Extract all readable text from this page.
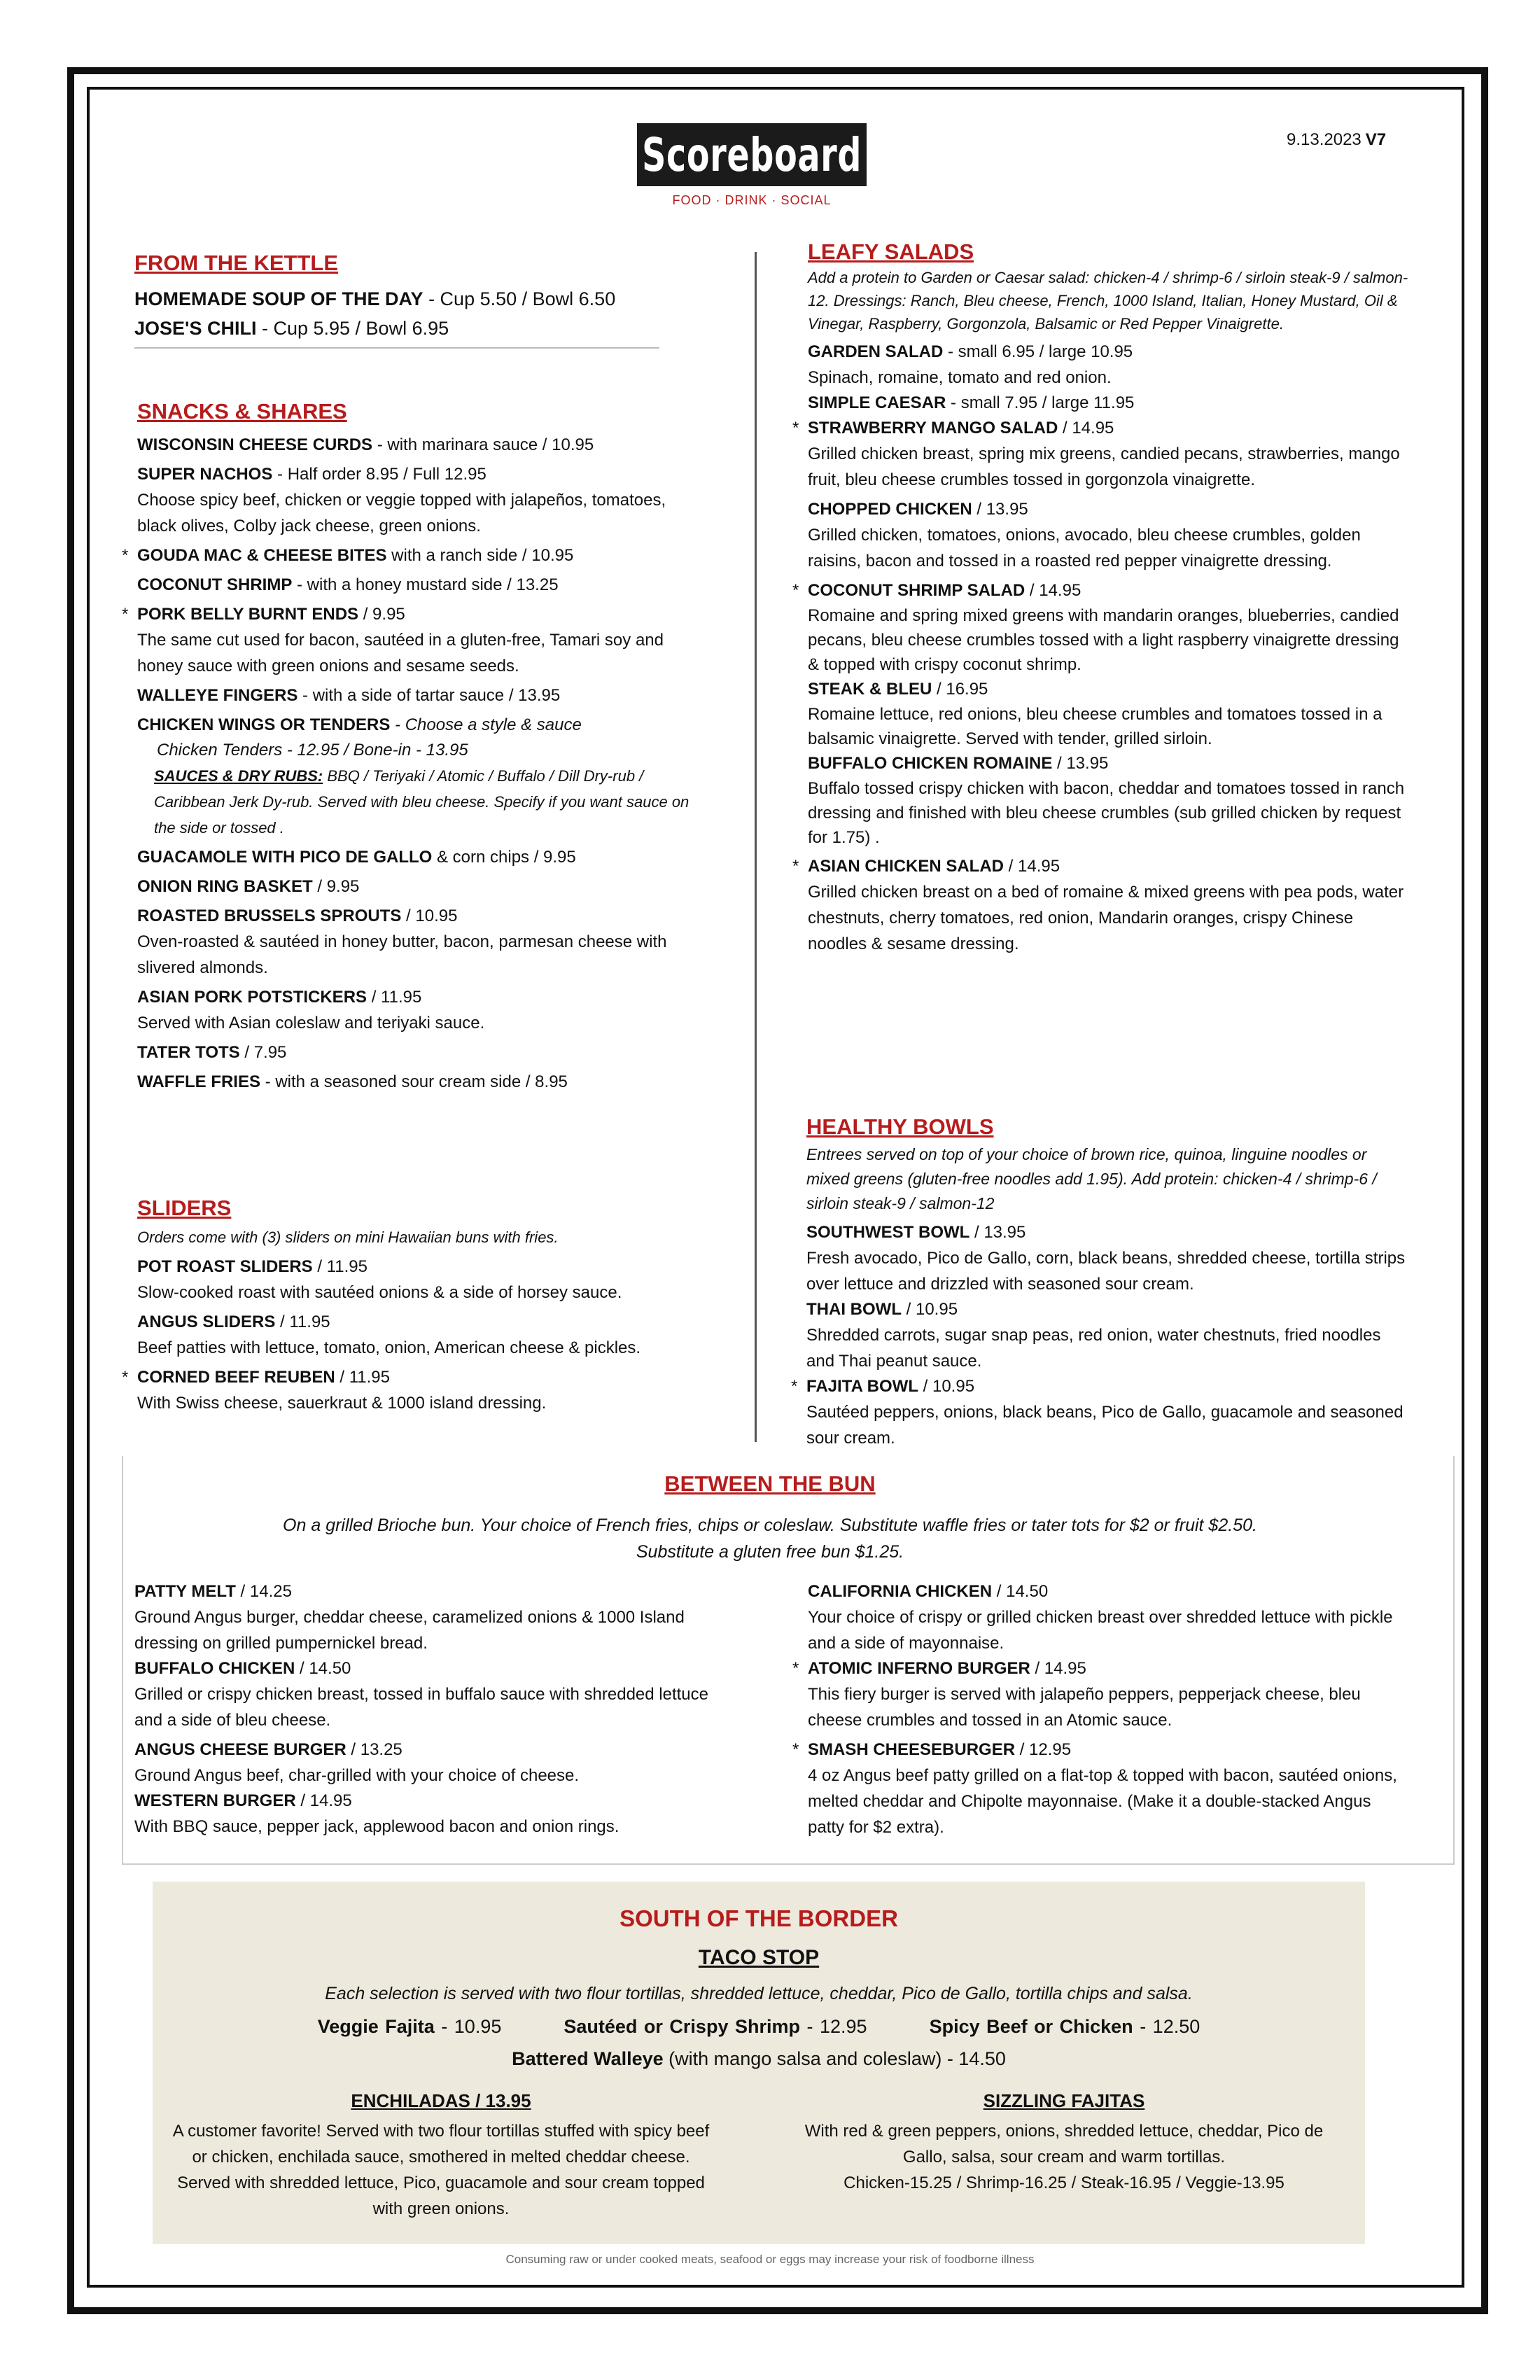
Scoreboard
FOOD · DRINK · SOCIAL
9.13.2023 V7
FROM THE KETTLE
HOMEMADE SOUP OF THE DAY - Cup 5.50 / Bowl 6.50
JOSE'S CHILI - Cup 5.95 / Bowl 6.95
SNACKS & SHARES
WISCONSIN CHEESE CURDS - with marinara sauce / 10.95
SUPER NACHOS - Half order 8.95 / Full 12.95
Choose spicy beef, chicken or veggie topped with jalapeños, tomatoes, black olives, Colby jack cheese, green onions.
* GOUDA MAC & CHEESE BITES with a ranch side / 10.95
COCONUT SHRIMP - with a honey mustard side / 13.25
* PORK BELLY BURNT ENDS / 9.95
The same cut used for bacon, sautéed in a gluten-free, Tamari soy and honey sauce with green onions and sesame seeds.
WALLEYE FINGERS - with a side of tartar sauce / 13.95
CHICKEN WINGS OR TENDERS - Choose a style & sauce
Chicken Tenders - 12.95 / Bone-in - 13.95
SAUCES & DRY RUBS: BBQ / Teriyaki / Atomic / Buffalo / Dill Dry-rub / Caribbean Jerk Dy-rub. Served with bleu cheese. Specify if you want sauce on the side or tossed .
GUACAMOLE WITH PICO DE GALLO & corn chips / 9.95
ONION RING BASKET / 9.95
ROASTED BRUSSELS SPROUTS / 10.95
Oven-roasted & sautéed in honey butter, bacon, parmesan cheese with slivered almonds.
ASIAN PORK POTSTICKERS / 11.95
Served with Asian coleslaw and teriyaki sauce.
TATER TOTS / 7.95
WAFFLE FRIES - with a seasoned sour cream side / 8.95
SLIDERS
Orders come with (3) sliders on mini Hawaiian buns with fries.
POT ROAST SLIDERS / 11.95
Slow-cooked roast with sautéed onions & a side of horsey sauce.
ANGUS SLIDERS / 11.95
Beef patties with lettuce, tomato, onion, American cheese & pickles.
* CORNED BEEF REUBEN / 11.95
With Swiss cheese, sauerkraut & 1000 island dressing.
LEAFY SALADS
Add a protein to Garden or Caesar salad: chicken-4 / shrimp-6 / sirloin steak-9 / salmon-12. Dressings: Ranch, Bleu cheese, French, 1000 Island, Italian, Honey Mustard, Oil & Vinegar, Raspberry, Gorgonzola, Balsamic or Red Pepper Vinaigrette.
GARDEN SALAD - small 6.95 / large 10.95
Spinach, romaine, tomato and red onion.
SIMPLE CAESAR - small 7.95 / large 11.95
* STRAWBERRY MANGO SALAD / 14.95
Grilled chicken breast, spring mix greens, candied pecans, strawberries, mango fruit, bleu cheese crumbles tossed in gorgonzola vinaigrette.
CHOPPED CHICKEN / 13.95
Grilled chicken, tomatoes, onions, avocado, bleu cheese crumbles, golden raisins, bacon and tossed in a roasted red pepper vinaigrette dressing.
* COCONUT SHRIMP SALAD / 14.95
Romaine and spring mixed greens with mandarin oranges, blueberries, candied pecans, bleu cheese crumbles tossed with a light raspberry vinaigrette dressing & topped with crispy coconut shrimp.
STEAK & BLEU / 16.95
Romaine lettuce, red onions, bleu cheese crumbles and tomatoes tossed in a balsamic vinaigrette. Served with tender, grilled sirloin.
BUFFALO CHICKEN ROMAINE / 13.95
Buffalo tossed crispy chicken with bacon, cheddar and tomatoes tossed in ranch dressing and finished with bleu cheese crumbles (sub grilled chicken by request for 1.75) .
* ASIAN CHICKEN SALAD / 14.95
Grilled chicken breast on a bed of romaine & mixed greens with pea pods, water chestnuts, cherry tomatoes, red onion, Mandarin oranges, crispy Chinese noodles & sesame dressing.
HEALTHY BOWLS
Entrees served on top of your choice of brown rice, quinoa, linguine noodles or mixed greens (gluten-free noodles add 1.95). Add protein: chicken-4 / shrimp-6 / sirloin steak-9 / salmon-12
SOUTHWEST BOWL / 13.95
Fresh avocado, Pico de Gallo, corn, black beans, shredded cheese, tortilla strips over lettuce and drizzled with seasoned sour cream.
THAI BOWL / 10.95
Shredded carrots, sugar snap peas, red onion, water chestnuts, fried noodles and Thai peanut sauce.
* FAJITA BOWL / 10.95
Sautéed peppers, onions, black beans, Pico de Gallo, guacamole and seasoned sour cream.
BETWEEN THE BUN
On a grilled Brioche bun. Your choice of French fries, chips or coleslaw. Substitute waffle fries or tater tots for $2 or fruit $2.50.
Substitute a gluten free bun $1.25.
PATTY MELT / 14.25
Ground Angus burger, cheddar cheese, caramelized onions & 1000 Island dressing on grilled pumpernickel bread.
BUFFALO CHICKEN / 14.50
Grilled or crispy chicken breast, tossed in buffalo sauce with shredded lettuce and a side of bleu cheese.
ANGUS CHEESE BURGER / 13.25
Ground Angus beef, char-grilled with your choice of cheese.
WESTERN BURGER / 14.95
With BBQ sauce, pepper jack, applewood bacon and onion rings.
CALIFORNIA CHICKEN / 14.50
Your choice of crispy or grilled chicken breast over shredded lettuce with pickle and a side of mayonnaise.
* ATOMIC INFERNO BURGER / 14.95
This fiery burger is served with jalapeño peppers, pepperjack cheese, bleu cheese crumbles and tossed in an Atomic sauce.
* SMASH CHEESEBURGER / 12.95
4 oz Angus beef patty grilled on a flat-top & topped with bacon, sautéed onions, melted cheddar and Chipolte mayonnaise. (Make it a double-stacked Angus patty for $2 extra).
SOUTH OF THE BORDER
TACO STOP
Each selection is served with two flour tortillas, shredded lettuce, cheddar, Pico de Gallo, tortilla chips and salsa.
Veggie Fajita - 10.95	Sautéed or Crispy Shrimp - 12.95	Spicy Beef or Chicken - 12.50
Battered Walleye (with mango salsa and coleslaw) - 14.50
ENCHILADAS / 13.95
A customer favorite! Served with two flour tortillas stuffed with spicy beef or chicken, enchilada sauce, smothered in melted cheddar cheese. Served with shredded lettuce, Pico, guacamole and sour cream topped with green onions.
SIZZLING FAJITAS
With red & green peppers, onions, shredded lettuce, cheddar, Pico de Gallo, salsa, sour cream and warm tortillas.
Chicken-15.25 / Shrimp-16.25 / Steak-16.95 / Veggie-13.95
Consuming raw or under cooked meats, seafood or eggs may increase your risk of foodborne illness
